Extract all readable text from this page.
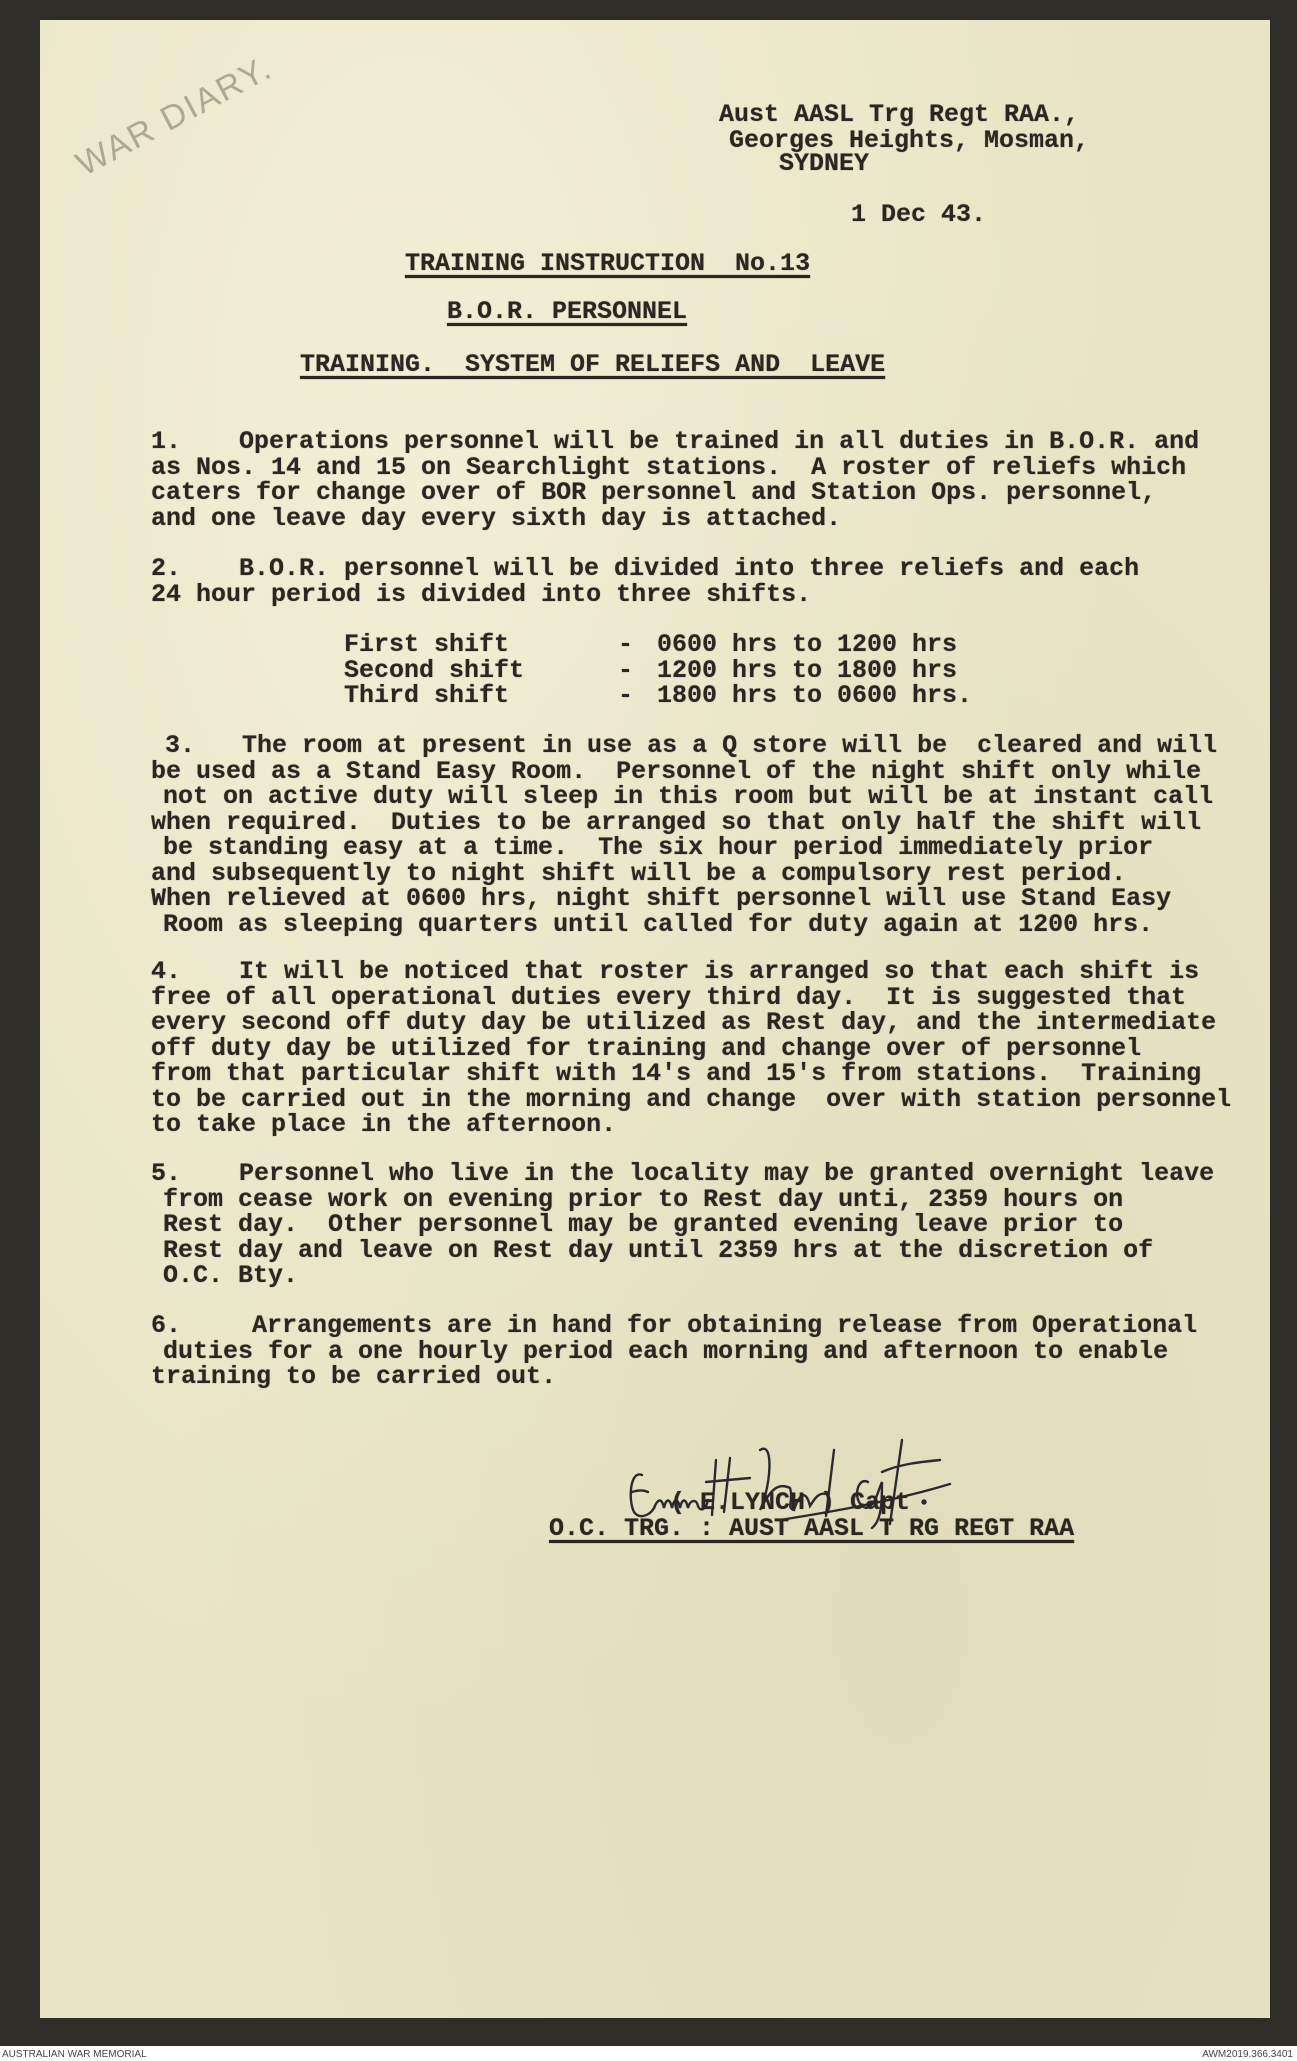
WAR DIARY.	Aust AASL Trg Regt RAA.,
Georges Heights, Mosman,
SYDNEY
1 Dec 43.
TRAINING INSTRUCTION  No.13
B.O.R. PERSONNEL
TRAINING.  SYSTEM OF RELIEFS AND  LEAVE
1. Operations personnel will be trained in all duties in B.O.R. and
as Nos. 14 and 15 on Searchlight stations.  A roster of reliefs which
caters for change over of BOR personnel and Station Ops. personnel,
and one leave day every sixth day is attached.
2. B.O.R. personnel will be divided into three reliefs and each
24 hour period is divided into three shifts.
First shift	- 0600 hrs to 1200 hrs
Second shift	- 1200 hrs to 1800 hrs
Third shift	- 1800 hrs to 0600 hrs.
3. The room at present in use as a Q store will be  cleared and will
be used as a Stand Easy Room.  Personnel of the night shift only while
not on active duty will sleep in this room but will be at instant call
when required.  Duties to be arranged so that only half the shift will
be standing easy at a time.  The six hour period immediately prior
and subsequently to night shift will be a compulsory rest period.
When relieved at 0600 hrs, night shift personnel will use Stand Easy
Room as sleeping quarters until called for duty again at 1200 hrs.
4. It will be noticed that roster is arranged so that each shift is
free of all operational duties every third day.  It is suggested that
every second off duty day be utilized as Rest day, and the intermediate
off duty day be utilized for training and change over of personnel
from that particular shift with 14's and 15's from stations.  Training
to be carried out in the morning and change  over with station personnel
to take place in the afternoon.
5. Personnel who live in the locality may be granted overnight leave
from cease work on evening prior to Rest day unti, 2359 hours on
Rest day.  Other personnel may be granted evening leave prior to
Rest day and leave on Rest day until 2359 hrs at the discretion of
O.C. Bty.
6.	Arrangements are in hand for obtaining release from Operational
duties for a one hourly period each morning and afternoon to enable
training to be carried out.
( E.LYNCH ) Capt
O.C. TRG. : AUST AASL T RG REGT RAA
AUSTRALIAN WAR MEMORIAL	AWM2019.366.3401
